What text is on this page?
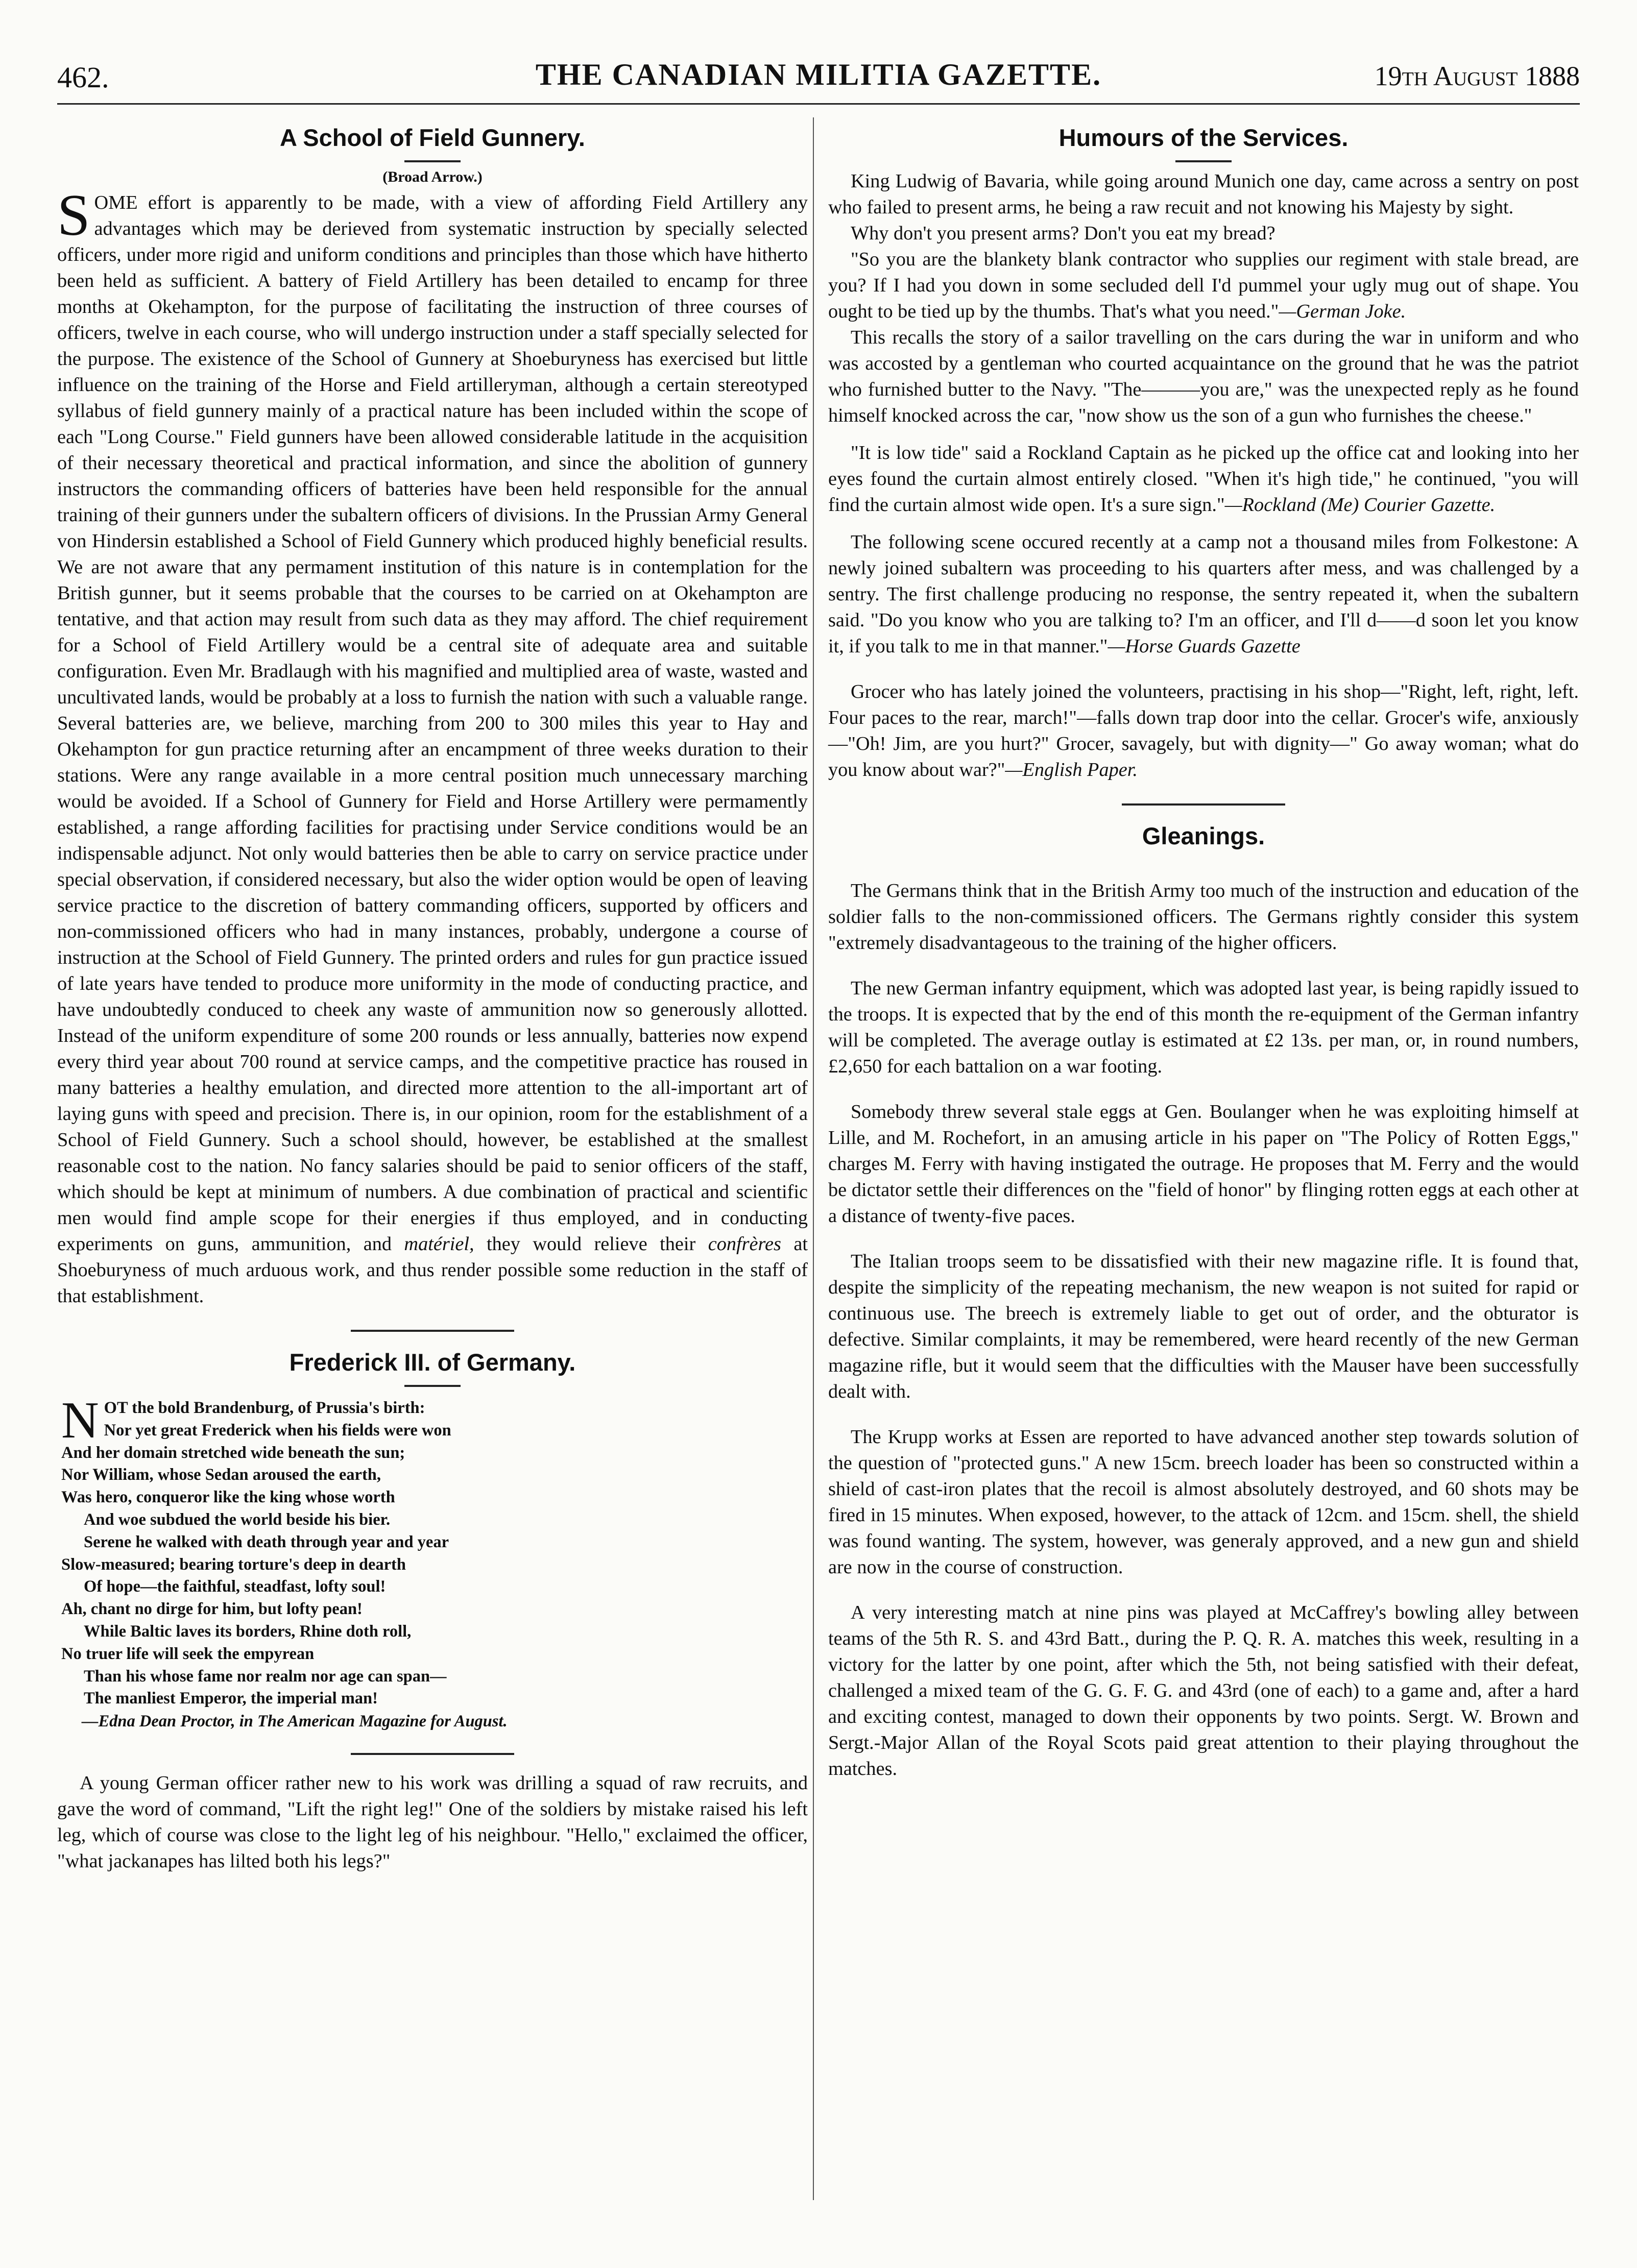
462.	THE CANADIAN MILITIA GAZETTE.	19th August 1888
A School of Field Gunnery.
(Broad Arrow.)

SOME effort is apparently to be made, with a view of affording Field Artillery any advantages which may be derieved from systematic instruction by specially selected officers, under more rigid and uniform conditions and principles than those which have hitherto been held as sufficient. A battery of Field Artillery has been detailed to encamp for three months at Okehampton, for the purpose of facilitating the instruction of three courses of officers, twelve in each course, who will undergo instruction under a staff specially selected for the purpose. The existence of the School of Gunnery at Shoeburyness has exercised but little influence on the training of the Horse and Field artilleryman, although a certain stereotyped syllabus of field gunnery mainly of a practical nature has been included within the scope of each "Long Course." Field gunners have been allowed considerable latitude in the acquisition of their necessary theoretical and practical information, and since the abolition of gunnery instructors the commanding officers of batteries have been held responsible for the annual training of their gunners under the subaltern officers of divisions. In the Prussian Army General von Hindersin established a School of Field Gunnery which produced highly beneficial results. We are not aware that any permament institution of this nature is in contemplation for the British gunner, but it seems probable that the courses to be carried on at Okehampton are tentative, and that action may result from such data as they may afford. The chief requirement for a School of Field Artillery would be a central site of adequate area and suitable configuration. Even Mr. Bradlaugh with his magnified and multiplied area of waste, wasted and uncultivated lands, would be probably at a loss to furnish the nation with such a valuable range. Several batteries are, we believe, marching from 200 to 300 miles this year to Hay and Okehampton for gun practice returning after an encampment of three weeks duration to their stations. Were any range available in a more central position much unnecessary marching would be avoided. If a School of Gunnery for Field and Horse Artillery were permamently established, a range affording facilities for practising under Service conditions would be an indispensable adjunct. Not only would batteries then be able to carry on service practice under special observation, if considered necessary, but also the wider option would be open of leaving service practice to the discretion of battery commanding officers, supported by officers and non-commissioned officers who had in many instances, probably, undergone a course of instruction at the School of Field Gunnery. The printed orders and rules for gun practice issued of late years have tended to produce more uniformity in the mode of conducting practice, and have undoubtedly conduced to cheek any waste of ammunition now so generously allotted. Instead of the uniform expenditure of some 200 rounds or less annually, batteries now expend every third year about 700 round at service camps, and the competitive practice has roused in many batteries a healthy emulation, and directed more attention to the all-important art of laying guns with speed and precision. There is, in our opinion, room for the establishment of a School of Field Gunnery. Such a school should, however, be established at the smallest reasonable cost to the nation. No fancy salaries should be paid to senior officers of the staff, which should be kept at minimum of numbers. A due combination of practical and scientific men would find ample scope for their energies if thus employed, and in conducting experiments on guns, ammunition, and matériel, they would relieve their confrères at Shoeburyness of much arduous work, and thus render possible some reduction in the staff of that establishment.

Frederick III. of Germany.
N OT the bold Brandenburg, of Prussia's birth:
Nor yet great Frederick when his fields were won
And her domain stretched wide beneath the sun;
Nor William, whose Sedan aroused the earth,
Was hero, conqueror like the king whose worth
And woe subdued the world beside his bier.
Serene he walked with death through year and year
Slow-measured; bearing torture's deep in dearth
Of hope—the faithful, steadfast, lofty soul!
Ah, chant no dirge for him, but lofty pean!
While Baltic laves its borders, Rhine doth roll,
No truer life will seek the empyrean
Than his whose fame nor realm nor age can span—
The manliest Emperor, the imperial man!
—Edna Dean Proctor, in The American Magazine for August.

A young German officer rather new to his work was drilling a squad of raw recruits, and gave the word of command, "Lift the right leg!" One of the soldiers by mistake raised his left leg, which of course was close to the light leg of his neighbour. "Hello," exclaimed the officer, "what jackanapes has lilted both his legs?"

Humours of the Services.

King Ludwig of Bavaria, while going around Munich one day, came across a sentry on post who failed to present arms, he being a raw recuit and not knowing his Majesty by sight.

Why don't you present arms? Don't you eat my bread?

"So you are the blankety blank contractor who supplies our regiment with stale bread, are you? If I had you down in some secluded dell I'd pummel your ugly mug out of shape. You ought to be tied up by the thumbs. That's what you need."—German Joke.

This recalls the story of a sailor travelling on the cars during the war in uniform and who was accosted by a gentleman who courted acquaintance on the ground that he was the patriot who furnished butter to the Navy. "The———you are," was the unexpected reply as he found himself knocked across the car, "now show us the son of a gun who furnishes the cheese."

"It is low tide" said a Rockland Captain as he picked up the office cat and looking into her eyes found the curtain almost entirely closed. "When it's high tide," he continued, "you will find the curtain almost wide open. It's a sure sign."—Rockland (Me) Courier Gazette.

The following scene occured recently at a camp not a thousand miles from Folkestone: A newly joined subaltern was proceeding to his quarters after mess, and was challenged by a sentry. The first challenge producing no response, the sentry repeated it, when the subaltern said. "Do you know who you are talking to? I'm an officer, and I'll d——d soon let you know it, if you talk to me in that manner."—Horse Guards Gazette

Grocer who has lately joined the volunteers, practising in his shop—"Right, left, right, left. Four paces to the rear, march!"—falls down trap door into the cellar. Grocer's wife, anxiously—"Oh! Jim, are you hurt?" Grocer, savagely, but with dignity—" Go away woman; what do you know about war?"—English Paper.

Gleanings.

The Germans think that in the British Army too much of the instruction and education of the soldier falls to the non-commissioned officers. The Germans rightly consider this system "extremely disadvantageous to the training of the higher officers.

The new German infantry equipment, which was adopted last year, is being rapidly issued to the troops. It is expected that by the end of this month the re-equipment of the German infantry will be completed. The average outlay is estimated at £2 13s. per man, or, in round numbers, £2,650 for each battalion on a war footing.

Somebody threw several stale eggs at Gen. Boulanger when he was exploiting himself at Lille, and M. Rochefort, in an amusing article in his paper on "The Policy of Rotten Eggs," charges M. Ferry with having instigated the outrage. He proposes that M. Ferry and the would be dictator settle their differences on the "field of honor" by flinging rotten eggs at each other at a distance of twenty-five paces.

The Italian troops seem to be dissatisfied with their new magazine rifle. It is found that, despite the simplicity of the repeating mechanism, the new weapon is not suited for rapid or continuous use. The breech is extremely liable to get out of order, and the obturator is defective. Similar complaints, it may be remembered, were heard recently of the new German magazine rifle, but it would seem that the difficulties with the Mauser have been successfully dealt with.

The Krupp works at Essen are reported to have advanced another step towards solution of the question of "protected guns." A new 15cm. breech loader has been so constructed within a shield of cast-iron plates that the recoil is almost absolutely destroyed, and 60 shots may be fired in 15 minutes. When exposed, however, to the attack of 12cm. and 15cm. shell, the shield was found wanting. The system, however, was generaly approved, and a new gun and shield are now in the course of construction.

A very interesting match at nine pins was played at McCaffrey's bowling alley between teams of the 5th R. S. and 43rd Batt., during the P. Q. R. A. matches this week, resulting in a victory for the latter by one point, after which the 5th, not being satisfied with their defeat, challenged a mixed team of the G. G. F. G. and 43rd (one of each) to a game and, after a hard and exciting contest, managed to down their opponents by two points. Sergt. W. Brown and Sergt.-Major Allan of the Royal Scots paid great attention to their playing throughout the matches.
